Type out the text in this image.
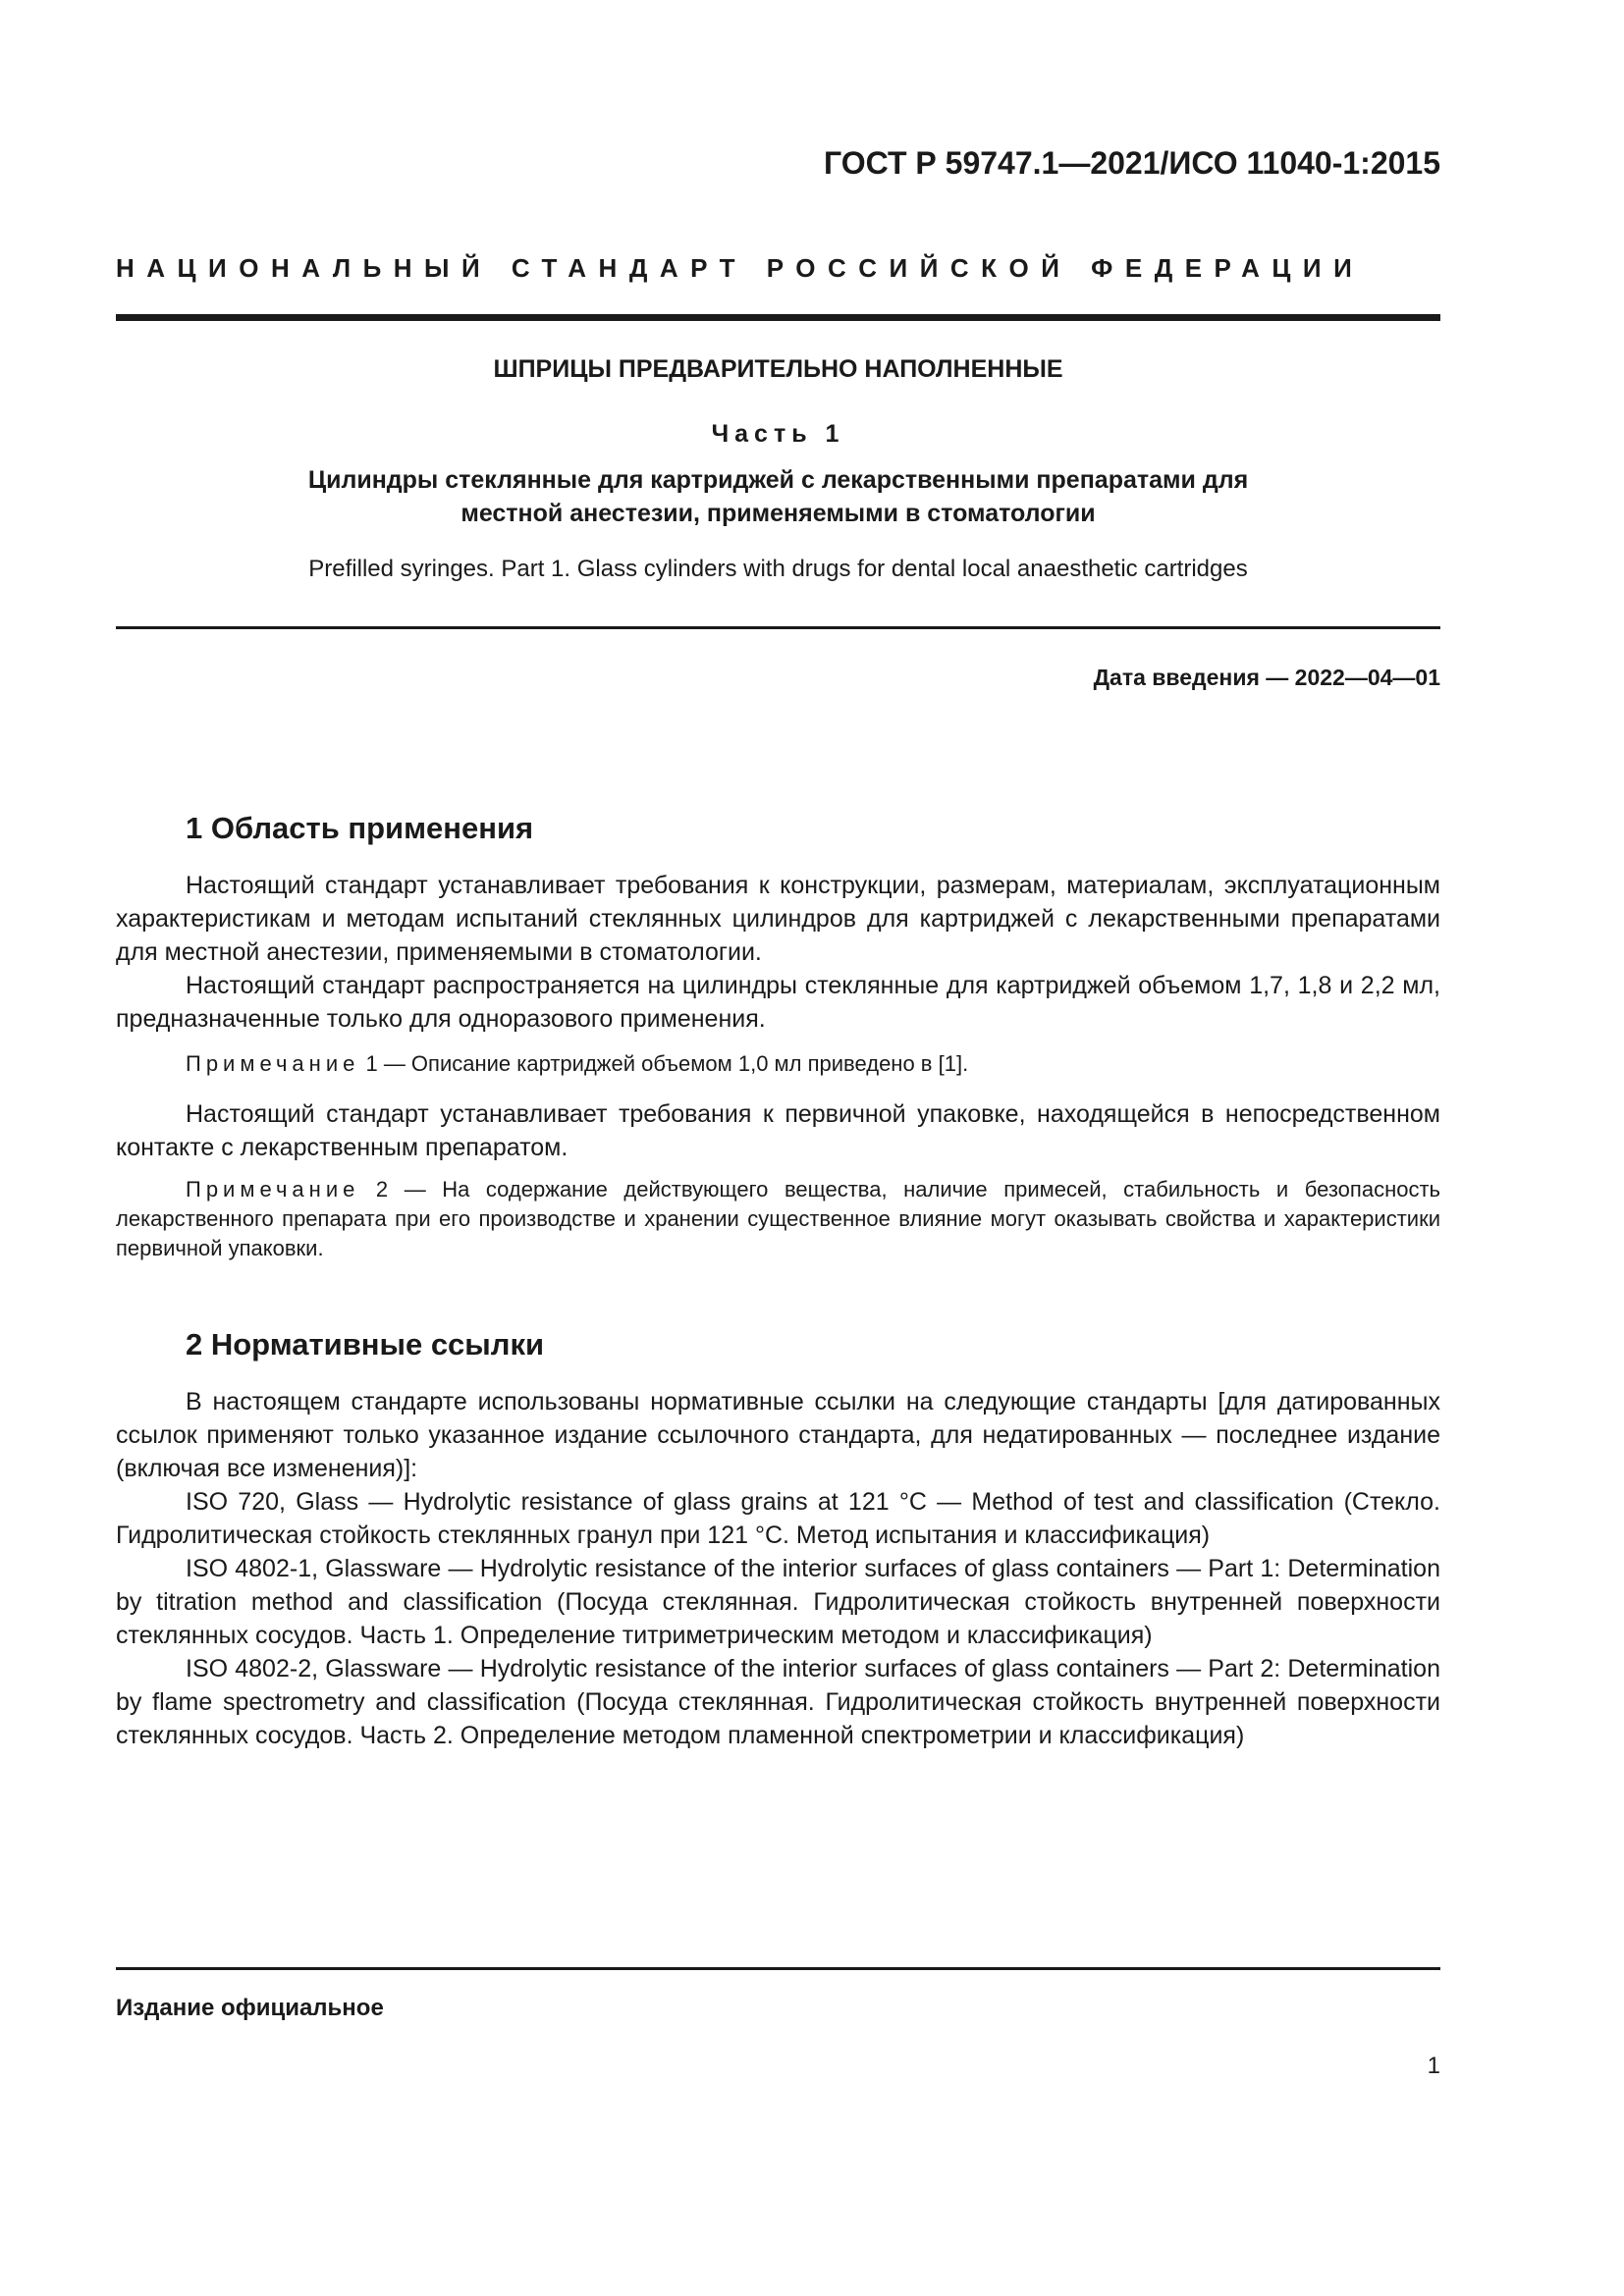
ГОСТ Р 59747.1—2021/ИСО 11040-1:2015
НАЦИОНАЛЬНЫЙ СТАНДАРТ РОССИЙСКОЙ ФЕДЕРАЦИИ
ШПРИЦЫ ПРЕДВАРИТЕЛЬНО НАПОЛНЕННЫЕ
Часть 1
Цилиндры стеклянные для картриджей с лекарственными препаратами для местной анестезии, применяемыми в стоматологии
Prefilled syringes. Part 1. Glass cylinders with drugs for dental local anaesthetic cartridges
Дата введения — 2022—04—01
1 Область применения

Настоящий стандарт устанавливает требования к конструкции, размерам, материалам, эксплуатационным характеристикам и методам испытаний стеклянных цилиндров для картриджей с лекарственными препаратами для местной анестезии, применяемыми в стоматологии.

Настоящий стандарт распространяется на цилиндры стеклянные для картриджей объемом 1,7, 1,8 и 2,2 мл, предназначенные только для одноразового применения.

Примечание 1 — Описание картриджей объемом 1,0 мл приведено в [1].

Настоящий стандарт устанавливает требования к первичной упаковке, находящейся в непосредственном контакте с лекарственным препаратом.

Примечание 2 — На содержание действующего вещества, наличие примесей, стабильность и безопасность лекарственного препарата при его производстве и хранении существенное влияние могут оказывать свойства и характеристики первичной упаковки.

2 Нормативные ссылки

В настоящем стандарте использованы нормативные ссылки на следующие стандарты [для датированных ссылок применяют только указанное издание ссылочного стандарта, для недатированных — последнее издание (включая все изменения)]:

ISO 720, Glass — Hydrolytic resistance of glass grains at 121 °C — Method of test and classification (Стекло. Гидролитическая стойкость стеклянных гранул при 121 °C. Метод испытания и классификация)

ISO 4802-1, Glassware — Hydrolytic resistance of the interior surfaces of glass containers — Part 1: Determination by titration method and classification (Посуда стеклянная. Гидролитическая стойкость внутренней поверхности стеклянных сосудов. Часть 1. Определение титриметрическим методом и классификация)

ISO 4802-2, Glassware — Hydrolytic resistance of the interior surfaces of glass containers — Part 2: Determination by flame spectrometry and classification (Посуда стеклянная. Гидролитическая стойкость внутренней поверхности стеклянных сосудов. Часть 2. Определение методом пламенной спектрометрии и классификация)

Издание официальное
1
